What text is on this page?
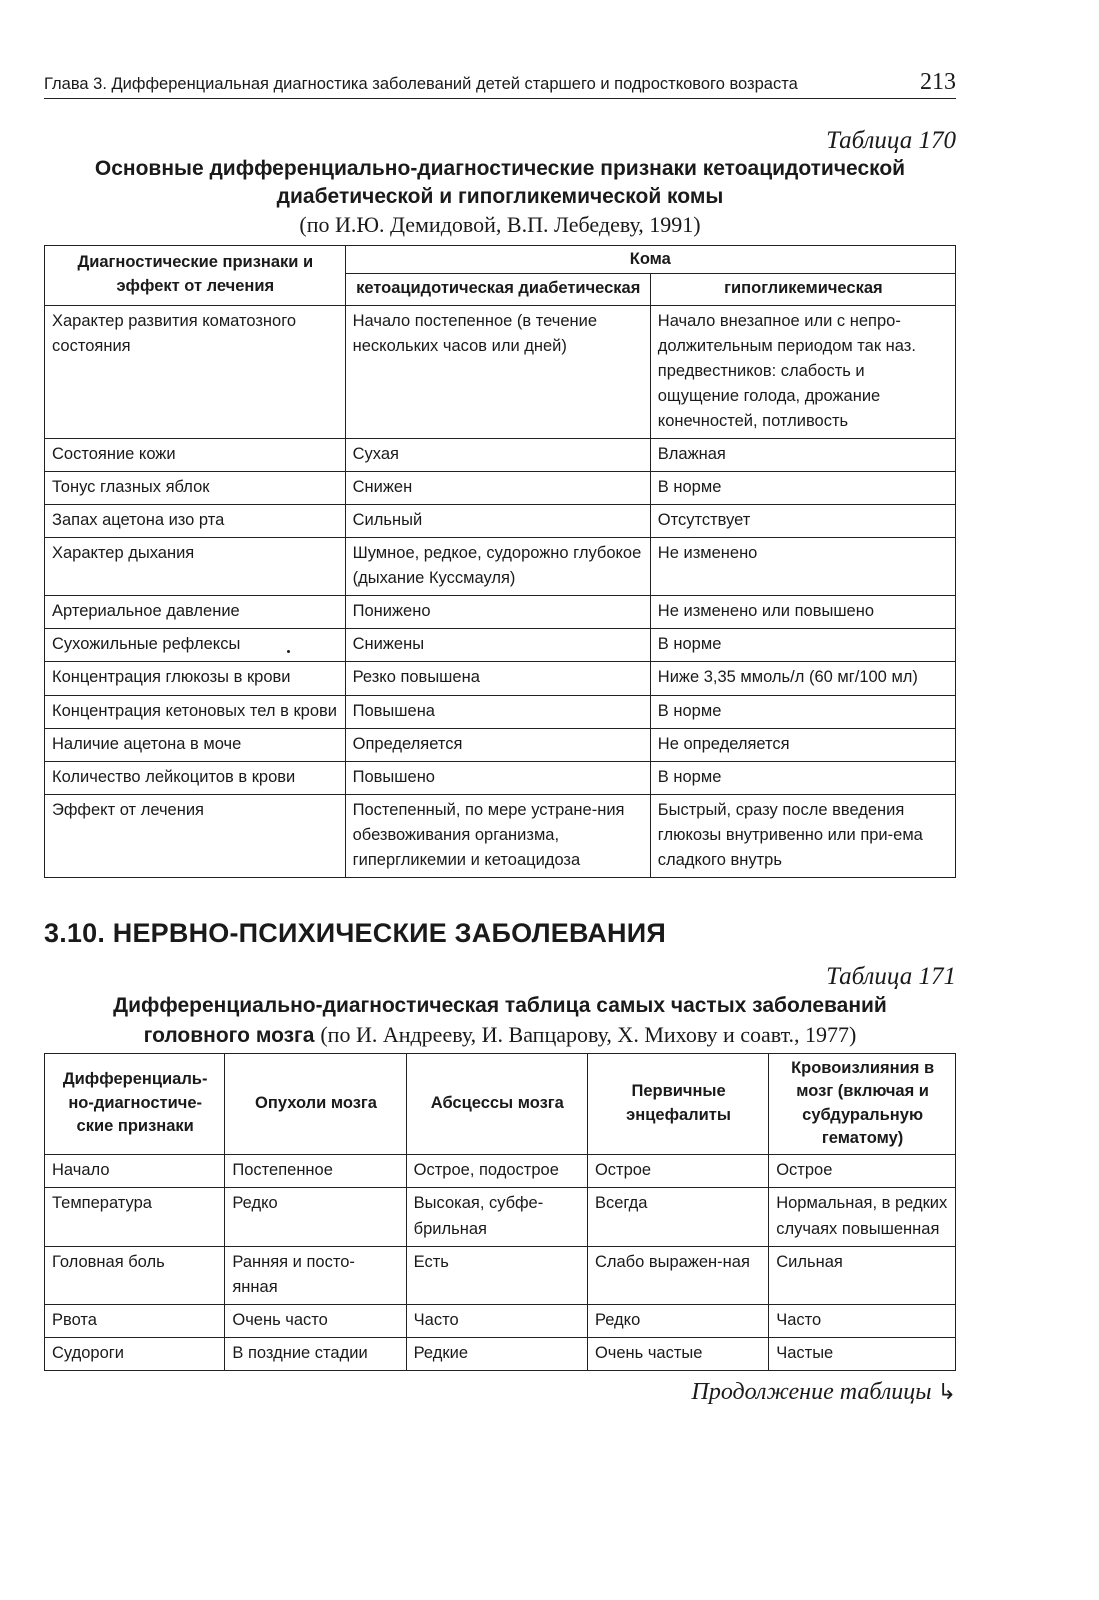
Глава 3. Дифференциальная диагностика заболеваний детей старшего и подросткового возраста	213
Таблица 170
Основные дифференциально-диагностические признаки кетоацидотической
диабетической и гипогликемической комы
(по И.Ю. Демидовой, В.П. Лебедеву, 1991)
Диагностические признаки и эффект от лечения	Кома	
	кетоацидотическая диабетическая	гипогликемическая
Характер развития коматозного состояния	Начало постепенное (в течение нескольких часов или дней)	Начало внезапное или с непро-должительным периодом так наз. предвестников: слабость и ощущение голода, дрожание конечностей, потливость
Состояние кожи	Сухая	Влажная
Тонус глазных яблок	Снижен	В норме
Запах ацетона изо рта	Сильный	Отсутствует
Характер дыхания	Шумное, редкое, судорожно глубокое (дыхание Куссмауля)	Не изменено
Артериальное давление	Понижено	Не изменено или повышено
Сухожильные рефлексы	Снижены	В норме
Концентрация глюкозы в крови	Резко повышена	Ниже 3,35 ммоль/л (60 мг/100 мл)
Концентрация кетоновых тел в крови	Повышена	В норме
Наличие ацетона в моче	Определяется	Не определяется
Количество лейкоцитов в крови	Повышено	В норме
Эффект от лечения	Постепенный, по мере устране-ния обезвоживания организма, гипергликемии и кетоацидоза	Быстрый, сразу после введения глюкозы внутривенно или при-ема сладкого внутрь
3.10. НЕРВНО-ПСИХИЧЕСКИЕ ЗАБОЛЕВАНИЯ
Таблица 171
Дифференциально-диагностическая таблица самых частых заболеваний
головного мозга (по И. Андрееву, И. Вапцарову, Х. Михову и соавт., 1977)
Дифференциаль-но-диагностиче-ские признаки	Опухоли мозга	Абсцессы мозга	Первичные энцефалиты	Кровоизлияния в мозг (включая и субдуральную гематому)
Начало	Постепенное	Острое, подострое	Острое	Острое
Температура	Редко	Высокая, субфе-брильная	Всегда	Нормальная, в редких случаях повышенная
Головная боль	Ранняя и посто-янная	Есть	Слабо выражен-ная	Сильная
Рвота	Очень часто	Часто	Редко	Часто
Судороги	В поздние стадии	Редкие	Очень частые	Частые
Продолжение таблицы ↳
